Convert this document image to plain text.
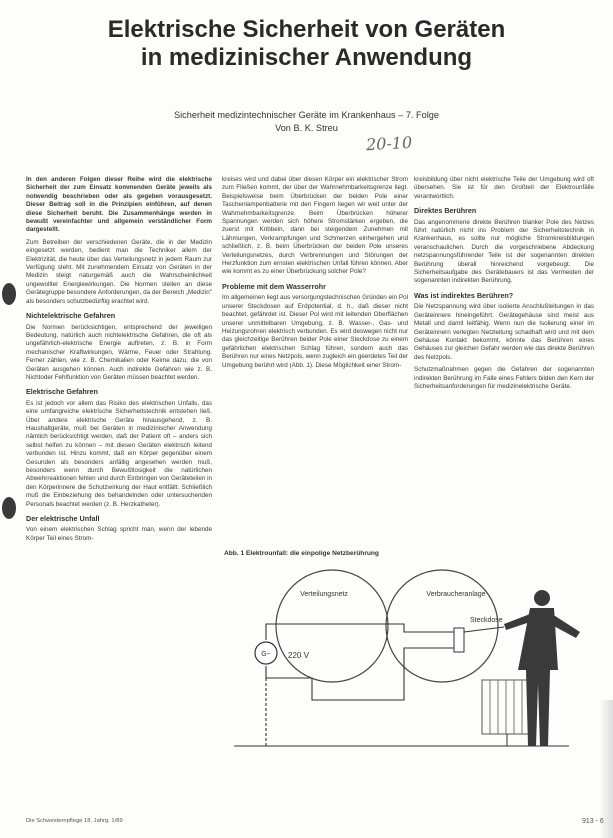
Elektrische Sicherheit von Geräten
in medizinischer Anwendung
Sicherheit medizintechnischer Geräte im Krankenhaus – 7. Folge
Von B. K. Streu
20-10

In den anderen Folgen dieser Reihe wird die elektrische Sicherheit der zum Einsatz kommenden Geräte jeweils als notwendig beschrieben oder als gegeben vorausgesetzt. Dieser Beitrag soll in die Prinzipien einführen, auf denen diese Sicherheit beruht. Die Zusammenhänge werden in bewußt vereinfachter und allgemein verständlicher Form dargestellt.

Zum Betreiben der verschiedenen Geräte, die in der Medizin eingesetzt werden, bedient man die Techniker allem der Elektrizität, die heute über das Verteilungsnetz in jedem Raum zur Verfügung steht. Mit zunehmendem Einsatz von Geräten in der Medizin steigt naturgemäß auch die Wahrscheinlichkeit ungewollter Energiewirkungen. Die Normen stellen an diese Gerätegruppe besondere Anforderungen, da der Bereich „Medizin" als besonders schutzbedürftig erachtet wird.

Nichtelektrische Gefahren

Die Normen berücksichtigen, entsprechend der jeweiligen Bedeutung, natürlich auch nichtelektrische Gefahren, die oft als ungefährlich-elektrische Energie auftreten, z. B. in Form mechanischer Kraftwirkungen, Wärme, Feuer oder Strahlung. Ferner zählen, wie z. B. Chemikalien oder Keime dazu, die von Geräten ausgehen können. Auch indirekte Gefahren wie z. B. Nichtoder Fehlfunktion von Geräten müssen beachtet werden.

Elektrische Gefahren

Es ist jedoch vor allem das Risiko des elektrischen Unfalls, das eine umfangreiche elektrische Sicherheitstechnik entstehen ließ. Über andere elektrische Geräte hinausgehend, z. B. Haushaltgeräte, muß bei Geräten in medizinischer Anwendung nämlich berücksichtigt werden, daß der Patient oft – anders sich selbst helfen zu können – mit diesen Geräten elektrisch leitend verbunden ist. Hinzu kommt, daß ein Körper gegenüber einem Gesunden als besonders anfällig angesehen werden muß, besonders wenn durch Bewußtlosigkeit die natürlichen Abwehrreaktionen fehlen und durch Einbringen von Geräteteilen in den Körperinnere die Schutzwirkung der Haut entfällt. Schließlich muß die Einbeziehung des behandelnden oder untersuchenden Personals beachtet werden (z. B. Herzkatheter).

Der elektrische Unfall

Von einem elektrischen Schlag spricht man, wenn der lebende Körper Teil eines Strom-

kreises wird und dabei über diesen Körper ein elektrischer Strom zum Fließen kommt, der über der Wahrnehmbarkeitsgrenze liegt. Beispielsweise beim Überbrücken der beiden Pole einer Taschenlampenbatterie mit den Fingern liegen wir weit unter der Wahrnehmbarkeitsgrenze. Beim Überbrücken höherer Spannungen werden sich höhere Stromstärken ergeben, die zuerst mit Kribbeln, dann bei steigendem Zunehmen mit Lähmungen, Verkrampfungen und Schmerzen einhergehen und schließlich, z. B. beim Überbrücken der beiden Pole unseres Verteilungsnetzes, durch Verbrennungen und Störungen der Herzfunktion zum ernsten elektrischen Unfall führen können. Aber wie kommt es zu einer Überbrückung solcher Pole?

Probleme mit dem Wasserrohr

Im allgemeinen liegt aus versorgungstechnischen Gründen ein Pol unserer Steckdosen auf Erdpotential, d. h., daß dieser nicht beachtet, gefährdet ist. Dieser Pol wird mit leitenden Oberflächen unserer unmittelbaren Umgebung, z. B. Wasser-, Gas- und Heizungsrohren elektrisch verbunden. Es wird deswegen nicht nur das gleichzeitige Berühren beider Pole einer Steckdose zu einem gefährlichen elektrischen Schlag führen, sondern auch das Berühren nur eines Netzpols, wenn zugleich ein geerdetes Teil der Umgebung berührt wird (Abb. 1). Diese Möglichkeit einer Strom-

kreisbildung über nicht elektrische Teile der Umgebung wird oft übersehen. Sie ist für den Großteil der Elektrounfälle verantwortlich.

Direktes Berühren

Das angenommene direkte Berühren blanker Pole des Netzes führt natürlich nicht ins Problem der Sicherheitstechnik in Krankenhaus, es sollte nur mögliche Stromkreisbildungen veranschaulichen. Durch die vorgeschriebene Abdeckung netzspannungsführender Teile ist der sogenannten direkten Berührung überall hinreichend vorgebeugt. Die Sicherheitsaufgabe des Gerätebauers ist das Vermeiden der sogenannten indirekten Berührung.

Was ist indirektes Berühren?

Die Netzspannung wird über isolierte Anschlußleitungen in das Geräteinnere hineingeführt. Gerätegehäuse sind meist aus Metall und damit leitfähig. Wenn nun die Isolierung einer im Geräteinnern verlegten Netzleitung schadhaft wird und mit dem Gehäuse Kontakt bekommt, könnte das Berühren eines Gehäuses zur gleichen Gefahr werden wie das direkte Berühren des Netzpols.

Schutzmaßnahmen gegen die Gefahren der sogenannten indirekten Berührung im Falle eines Fehlers bilden den Kern der Sicherheitsanforderungen für medizinelektrische Geräte.

Abb. 1 Elektrounfall: die einpolige Netzberührung
Verteilungsnetz	Verbraucheranlage
G~ 220 V
Steckdose
Die Schwesternpflege 18. Jahrg. 1/89	913 - 6
